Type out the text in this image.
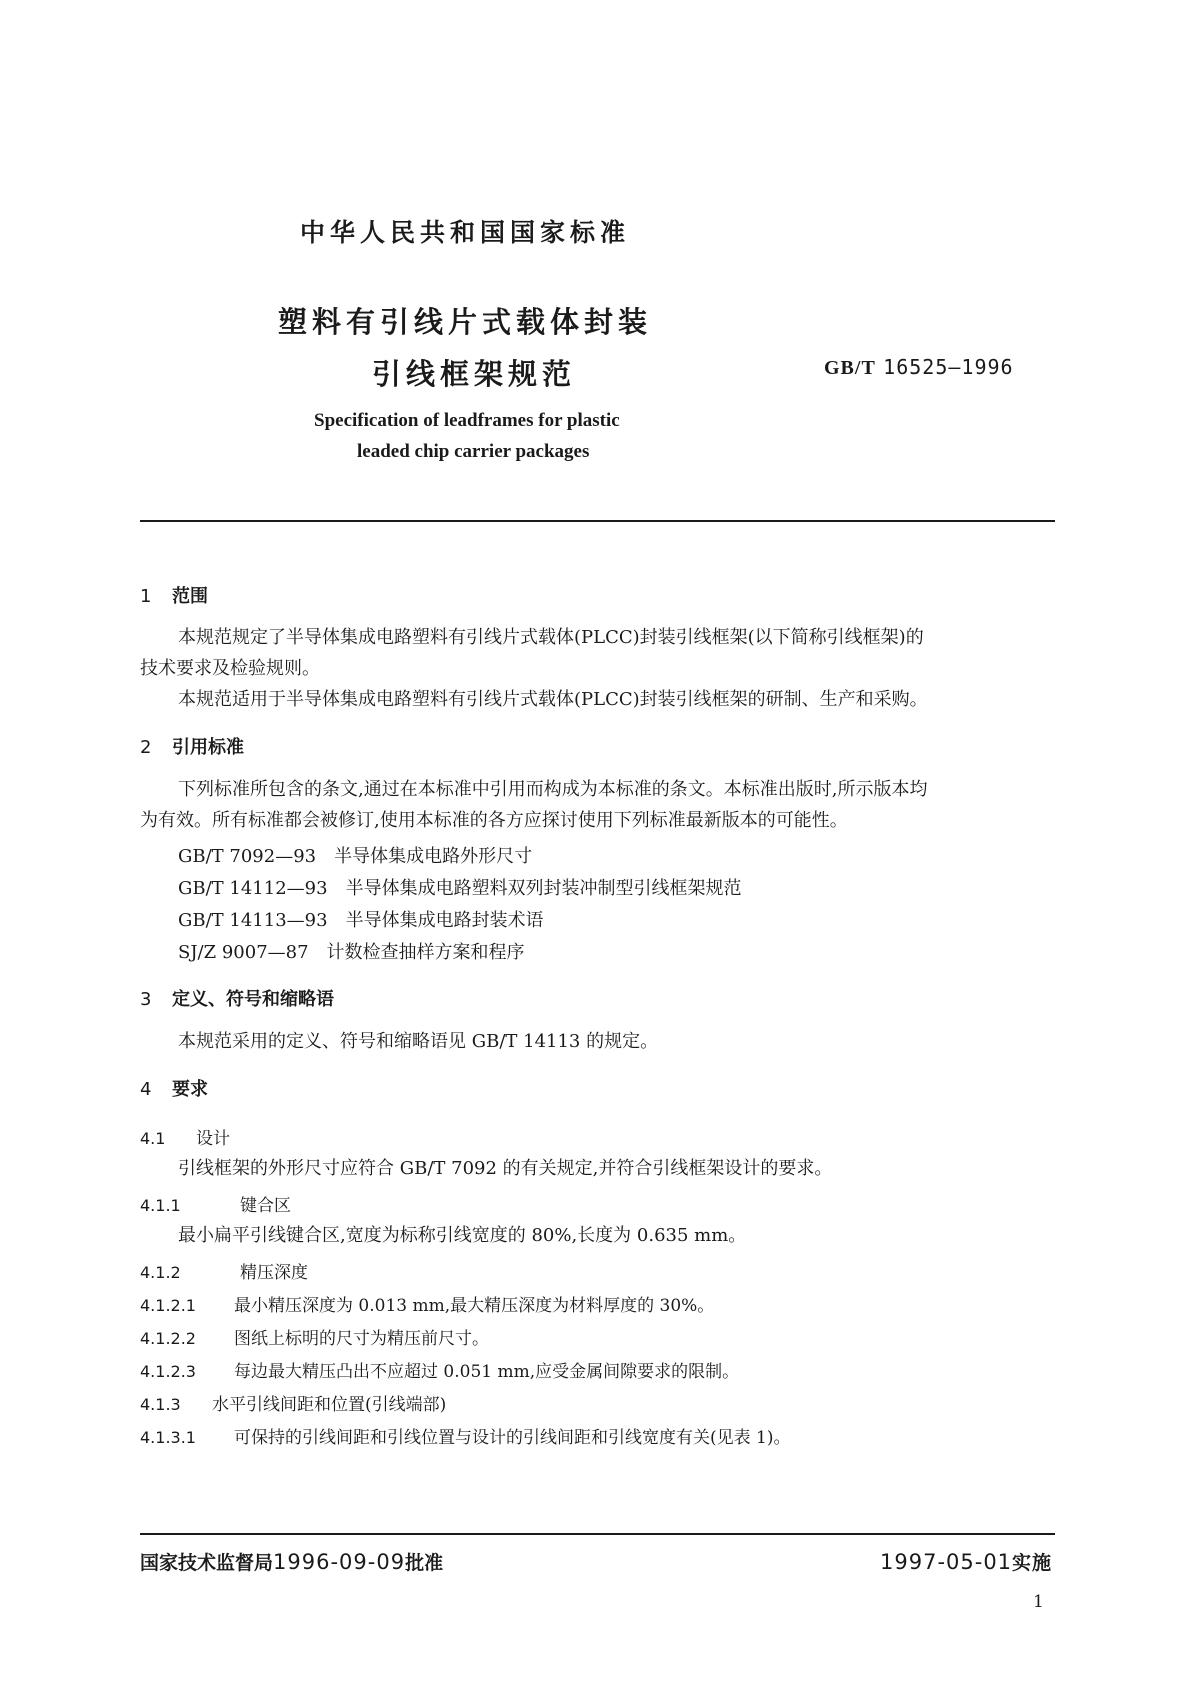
中华人民共和国国家标准
塑料有引线片式载体封装
引线框架规范	GB/T 16525—1996
Specification of leadframes for plastic
leaded chip carrier packages
1 范围
本规范规定了半导体集成电路塑料有引线片式载体(PLCC)封装引线框架(以下简称引线框架)的
技术要求及检验规则。
本规范适用于半导体集成电路塑料有引线片式载体(PLCC)封装引线框架的研制、生产和采购。
2 引用标准
下列标准所包含的条文,通过在本标准中引用而构成为本标准的条文。本标准出版时,所示版本均
为有效。所有标准都会被修订,使用本标准的各方应探讨使用下列标准最新版本的可能性。
GB/T 7092—93　半导体集成电路外形尺寸
GB/T 14112—93　半导体集成电路塑料双列封装冲制型引线框架规范
GB/T 14113—93　半导体集成电路封装术语
SJ/Z 9007—87　计数检查抽样方案和程序
3 定义、符号和缩略语
本规范采用的定义、符号和缩略语见 GB/T 14113 的规定。
4 要求
4.1 设计
引线框架的外形尺寸应符合 GB/T 7092 的有关规定,并符合引线框架设计的要求。
4.1.1	键合区
最小扁平引线键合区,宽度为标称引线宽度的 80%,长度为 0.635 mm。
4.1.2	精压深度
4.1.2.1 最小精压深度为 0.013 mm,最大精压深度为材料厚度的 30%。
4.1.2.2 图纸上标明的尺寸为精压前尺寸。
4.1.2.3 每边最大精压凸出不应超过 0.051 mm,应受金属间隙要求的限制。
4.1.3 水平引线间距和位置(引线端部)
4.1.3.1 可保持的引线间距和引线位置与设计的引线间距和引线宽度有关(见表 1)。
国家技术监督局1996-09-09批准	1997-05-01实施
1
